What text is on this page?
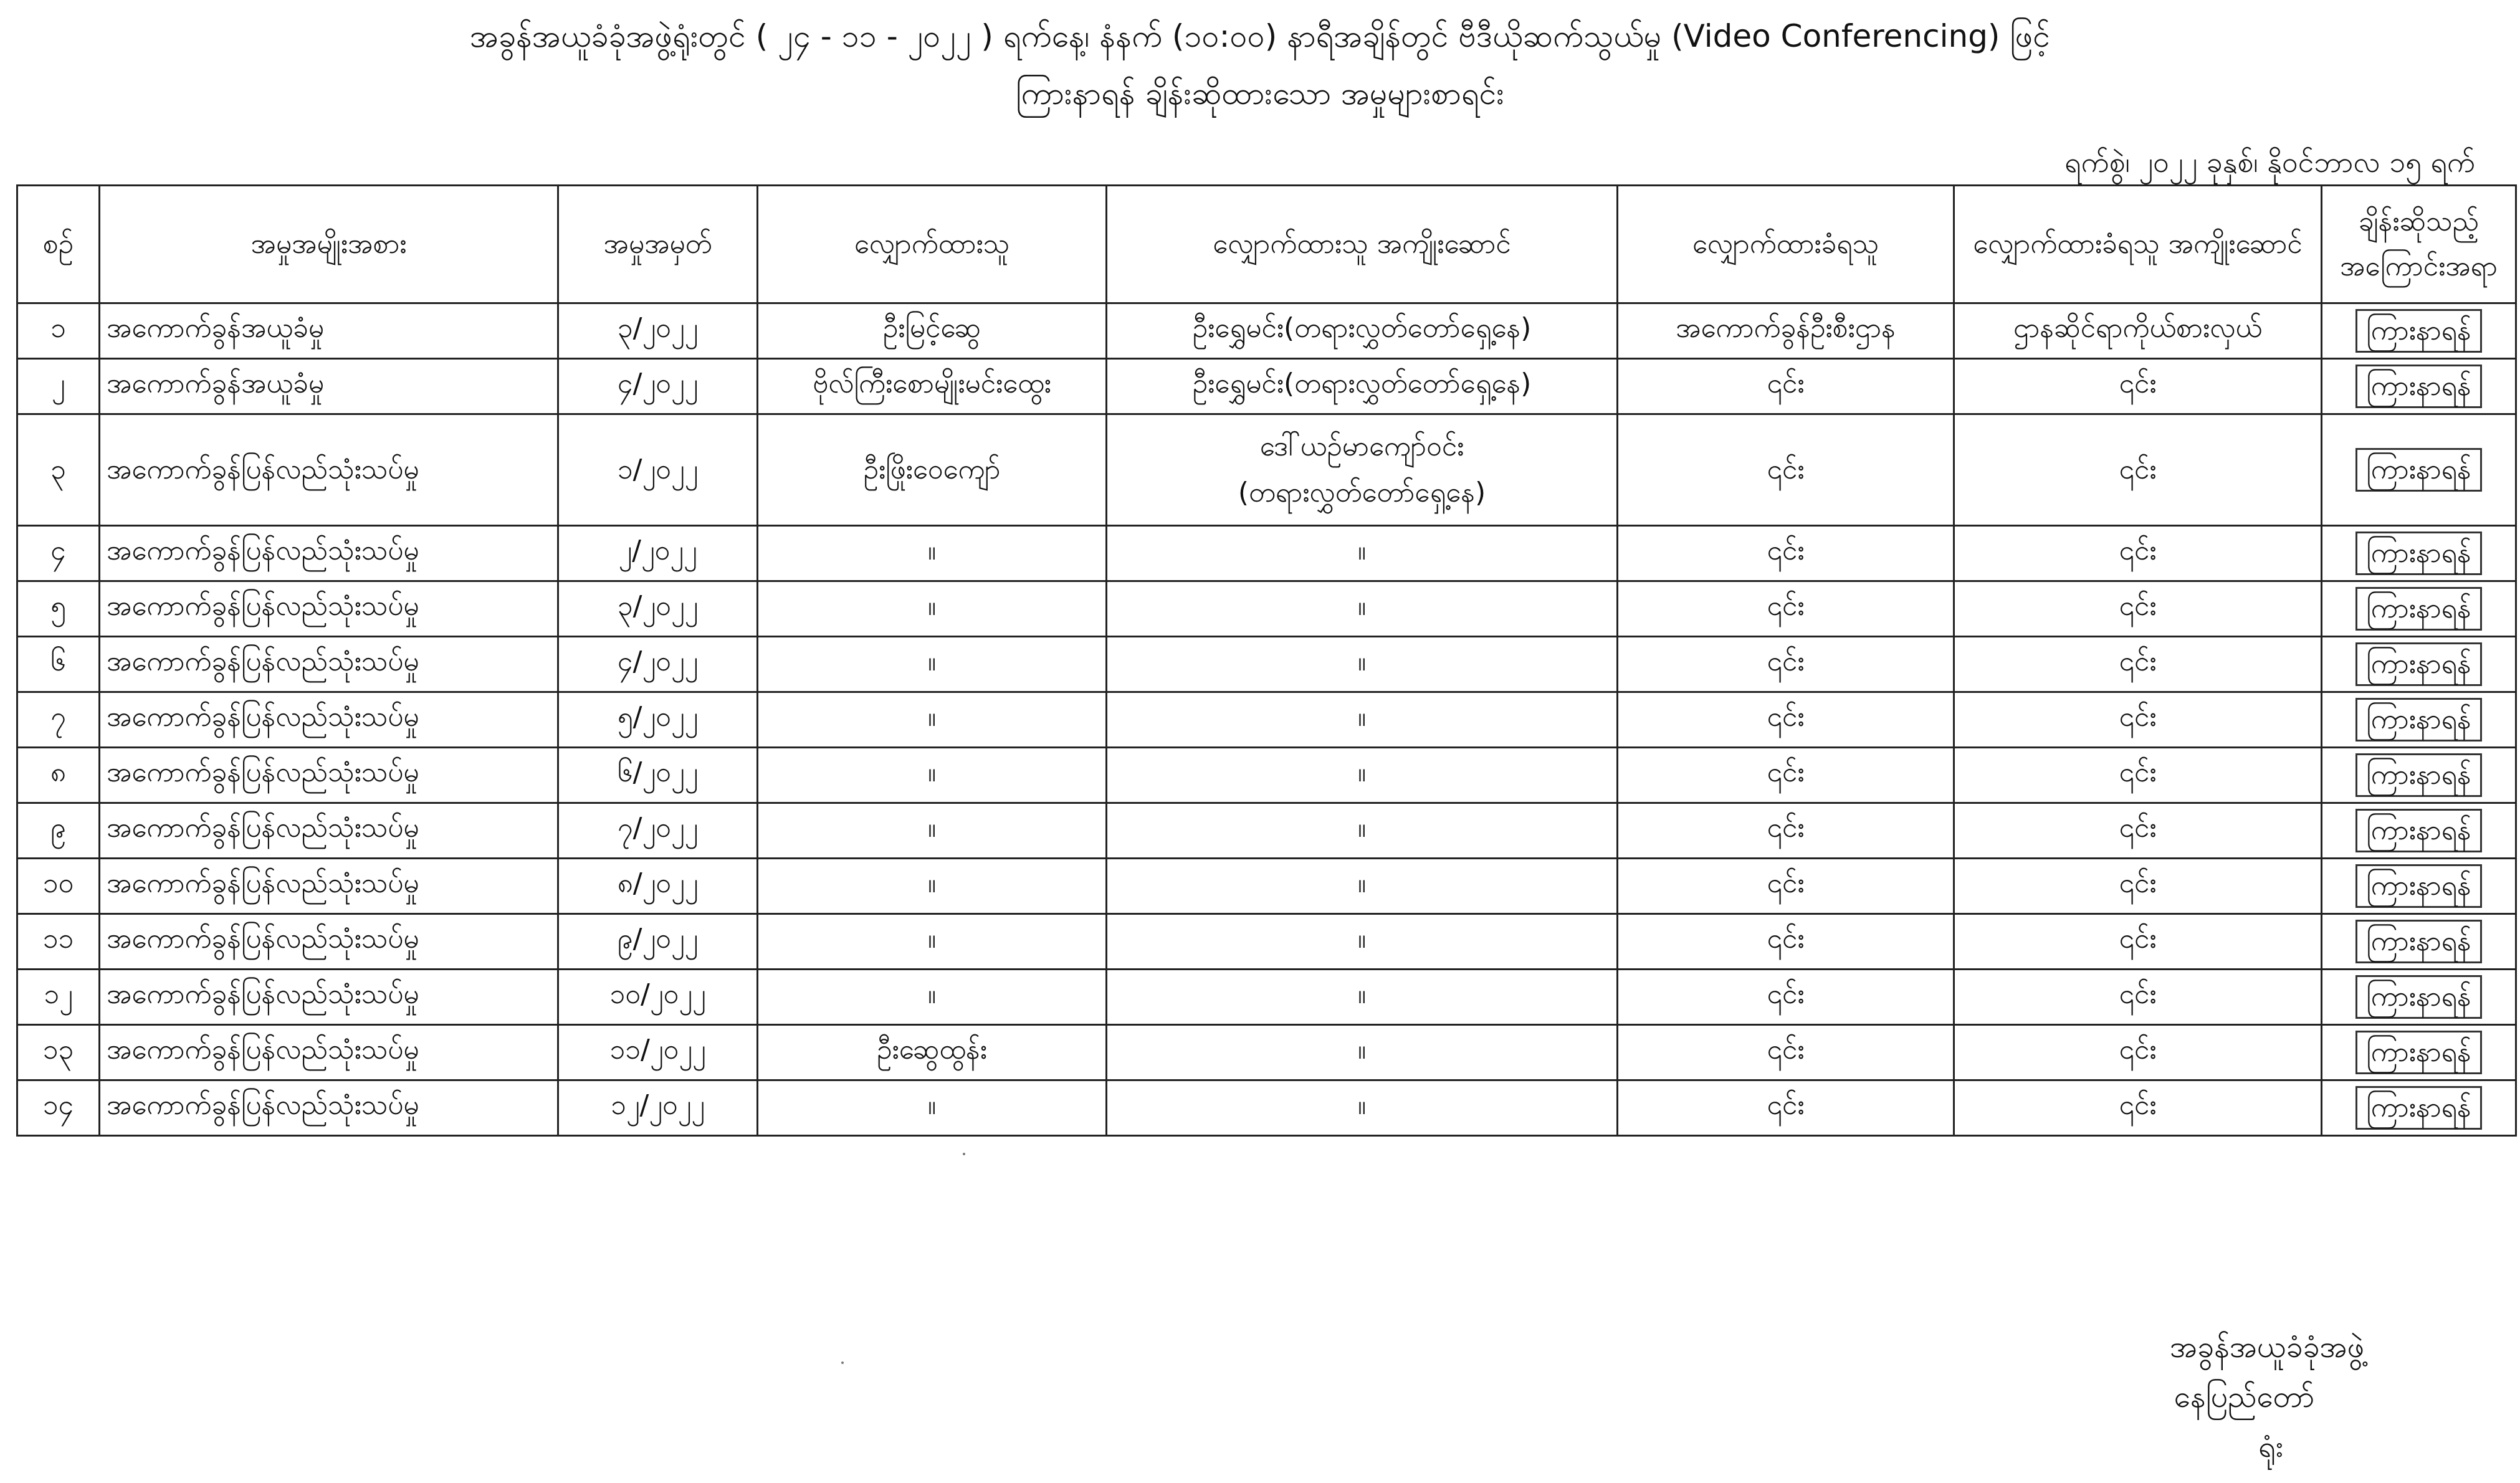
အခွန်အယူခံခုံအဖွဲ့ရုံးတွင် ( ၂၄ - ၁၁ - ၂၀၂၂ ) ရက်နေ့၊ နံနက် (၁၀:၀၀) နာရီအချိန်တွင် ဗီဒီယိုဆက်သွယ်မှု (Video Conferencing) ဖြင့်
ကြားနာရန် ချိန်းဆိုထားသော အမှုများစာရင်း
ရက်စွဲ၊ ၂၀၂၂ ခုနှစ်၊ နိုဝင်ဘာလ ၁၅ ရက်
စဉ်	အမှုအမျိုးအစား	အမှုအမှတ်	လျှောက်ထားသူ	လျှောက်ထားသူ အကျိုးဆောင်	လျှောက်ထားခံရသူ	လျှောက်ထားခံရသူ အကျိုးဆောင်	ချိန်းဆိုသည့် အကြောင်းအရာ
၁	အကောက်ခွန်အယူခံမှု	၃/၂၀၂၂	ဦးမြင့်ဆွေ	ဦးရွှေမင်း(တရားလွှတ်တော်ရှေ့နေ)	အကောက်ခွန်ဦးစီးဌာန	ဌာနဆိုင်ရာကိုယ်စားလှယ်	ကြားနာရန်
၂	အကောက်ခွန်အယူခံမှု	၄/၂၀၂၂	ဗိုလ်ကြီးစောမျိုးမင်းထွေး	ဦးရွှေမင်း(တရားလွှတ်တော်ရှေ့နေ)	၎င်း	၎င်း	ကြားနာရန်
၃	အကောက်ခွန်ပြန်လည်သုံးသပ်မှု	၁/၂၀၂၂	ဦးဖြိုးဝေကျော်	ဒေါ်ယဉ်မာကျော်ဝင်း
(တရားလွှတ်တော်ရှေ့နေ)	၎င်း	၎င်း	ကြားနာရန်
၄	အကောက်ခွန်ပြန်လည်သုံးသပ်မှု	၂/၂၀၂၂	။	။	၎င်း	၎င်း	ကြားနာရန်
၅	အကောက်ခွန်ပြန်လည်သုံးသပ်မှု	၃/၂၀၂၂	။	။	၎င်း	၎င်း	ကြားနာရန်
၆	အကောက်ခွန်ပြန်လည်သုံးသပ်မှု	၄/၂၀၂၂	။	။	၎င်း	၎င်း	ကြားနာရန်
၇	အကောက်ခွန်ပြန်လည်သုံးသပ်မှု	၅/၂၀၂၂	။	။	၎င်း	၎င်း	ကြားနာရန်
၈	အကောက်ခွန်ပြန်လည်သုံးသပ်မှု	၆/၂၀၂၂	။	။	၎င်း	၎င်း	ကြားနာရန်
၉	အကောက်ခွန်ပြန်လည်သုံးသပ်မှု	၇/၂၀၂၂	။	။	၎င်း	၎င်း	ကြားနာရန်
၁၀	အကောက်ခွန်ပြန်လည်သုံးသပ်မှု	၈/၂၀၂၂	။	။	၎င်း	၎င်း	ကြားနာရန်
၁၁	အကောက်ခွန်ပြန်လည်သုံးသပ်မှု	၉/၂၀၂၂	။	။	၎င်း	၎င်း	ကြားနာရန်
၁၂	အကောက်ခွန်ပြန်လည်သုံးသပ်မှု	၁၀/၂၀၂၂	။	။	၎င်း	၎င်း	ကြားနာရန်
၁၃	အကောက်ခွန်ပြန်လည်သုံးသပ်မှု	၁၁/၂၀၂၂	ဦးဆွေထွန်း	။	၎င်း	၎င်း	ကြားနာရန်
၁၄	အကောက်ခွန်ပြန်လည်သုံးသပ်မှု	၁၂/၂၀၂၂	။	။	၎င်း	၎င်း	ကြားနာရန်
အခွန်အယူခံခုံအဖွဲ့
နေပြည်တော်
ရုံး
